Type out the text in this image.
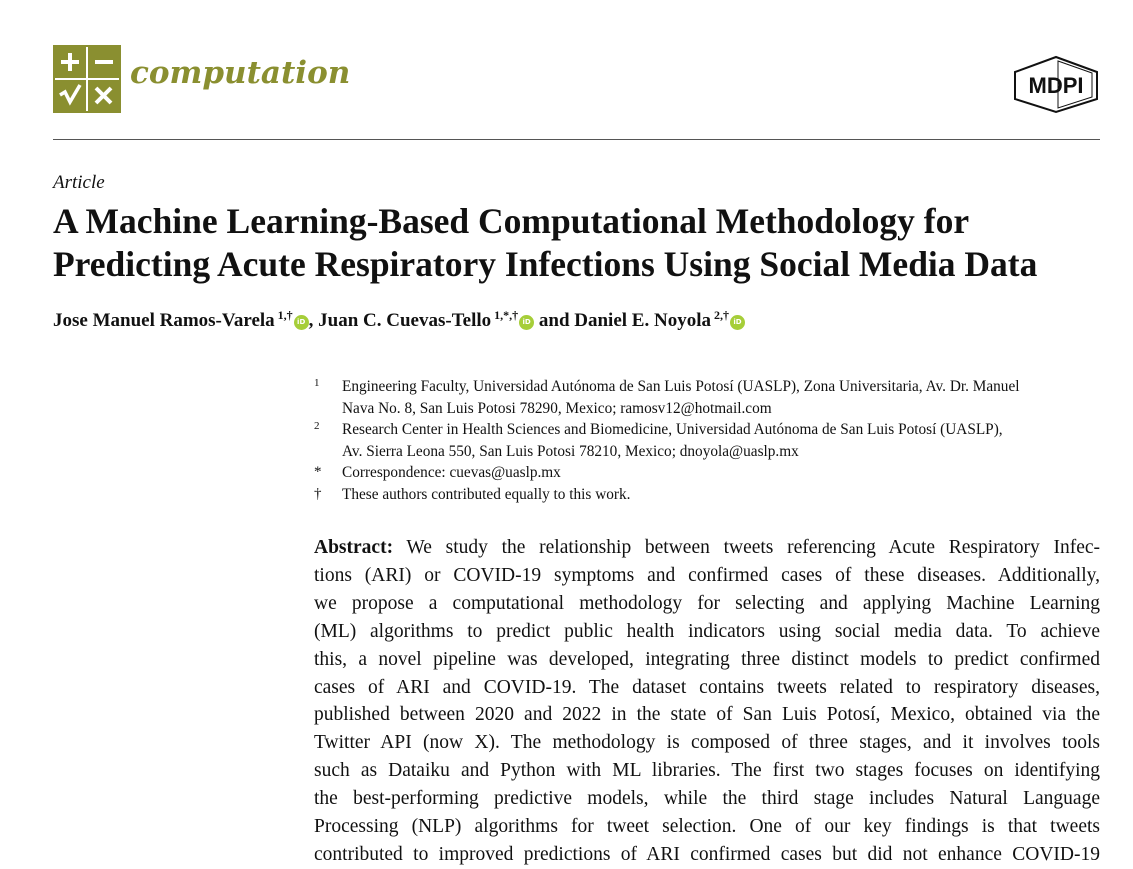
computation	MDPI
Article
A Machine Learning-Based Computational Methodology for
Predicting Acute Respiratory Infections Using Social Media Data
Jose Manuel Ramos-Varela $^{1,\dagger}$ iD , Juan C. Cuevas-Tello $^{1,*,\dagger}$ iD and Daniel E. Noyola $^{2,\dagger}$ iD
1 Engineering Faculty, Universidad Autónoma de San Luis Potosí (UASLP), Zona Universitaria, Av. Dr. Manuel
Nava No. 8, San Luis Potosi 78290, Mexico; ramosv12@hotmail.com
2 Research Center in Health Sciences and Biomedicine, Universidad Autónoma de San Luis Potosí (UASLP),
Av. Sierra Leona 550, San Luis Potosi 78210, Mexico; dnoyola@uaslp.mx
* Correspondence: cuevas@uaslp.mx
† These authors contributed equally to this work.
Abstract: We study the relationship between tweets referencing Acute Respiratory Infec-
tions (ARI) or COVID-19 symptoms and confirmed cases of these diseases. Additionally,
we propose a computational methodology for selecting and applying Machine Learning
(ML) algorithms to predict public health indicators using social media data. To achieve
this, a novel pipeline was developed, integrating three distinct models to predict confirmed
cases of ARI and COVID-19. The dataset contains tweets related to respiratory diseases,
published between 2020 and 2022 in the state of San Luis Potosí, Mexico, obtained via the
Twitter API (now X). The methodology is composed of three stages, and it involves tools
such as Dataiku and Python with ML libraries. The first two stages focuses on identifying
the best-performing predictive models, while the third stage includes Natural Language
Processing (NLP) algorithms for tweet selection. One of our key findings is that tweets
contributed to improved predictions of ARI confirmed cases but did not enhance COVID-19
